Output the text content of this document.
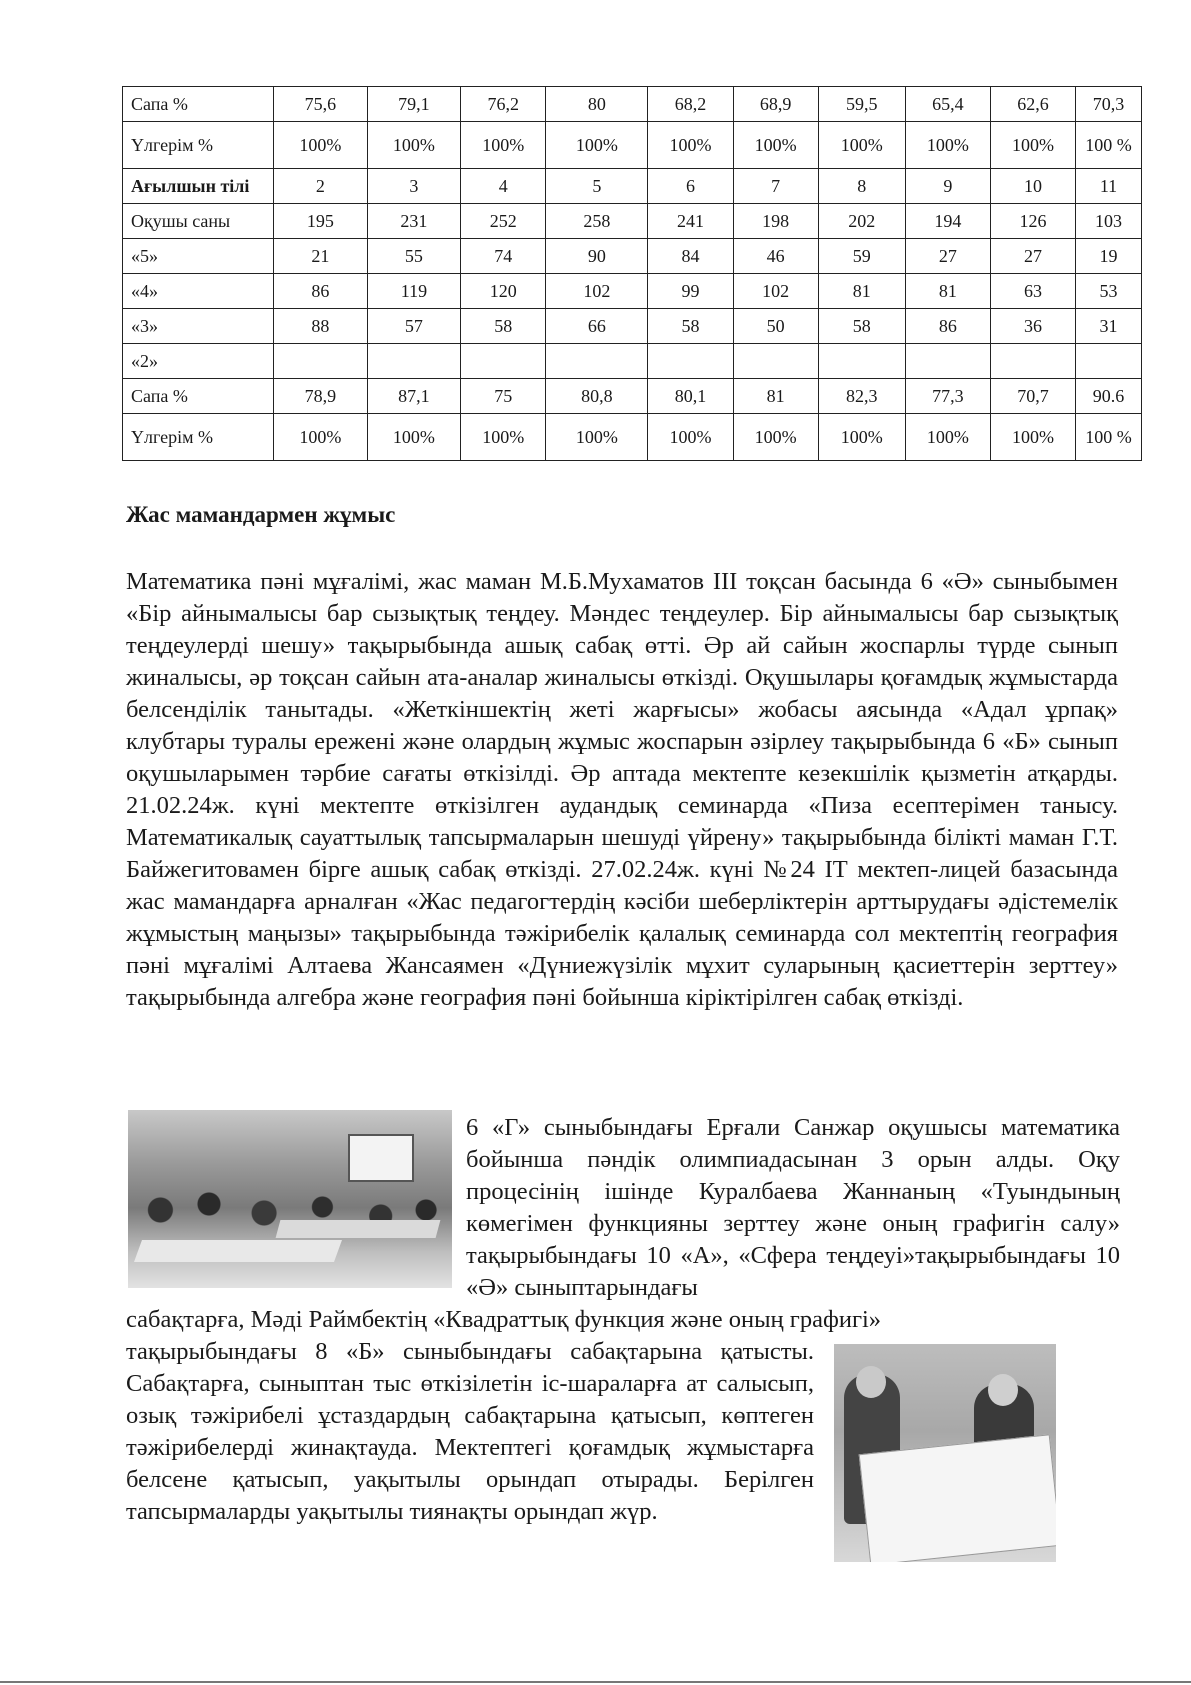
Сапа %	75,6	79,1	76,2	80	68,2	68,9	59,5	65,4	62,6	70,3
Үлгерім %	100%	100%	100%	100%	100%	100%	100%	100%	100%	100 %
Ағылшын тілі	2	3	4	5	6	7	8	9	10	11
Оқушы саны	195	231	252	258	241	198	202	194	126	103
«5»	21	55	74	90	84	46	59	27	27	19
«4»	86	119	120	102	99	102	81	81	63	53
«3»	88	57	58	66	58	50	58	86	36	31
«2»										
Сапа %	78,9	87,1	75	80,8	80,1	81	82,3	77,3	70,7	90.6
Үлгерім %	100%	100%	100%	100%	100%	100%	100%	100%	100%	100 %
Жас мамандармен жұмыс

Математика пәні мұғалімі, жас маман М.Б.Мухаматов ІІІ тоқсан басында 6 «Ә» сыныбымен «Бір айнымалысы бар сызықтық теңдеу. Мәндес теңдеулер. Бір айнымалысы бар сызықтық теңдеулерді шешу» тақырыбында ашық сабақ өтті. Әр ай сайын жоспарлы түрде сынып жиналысы, әр тоқсан сайын ата-аналар жиналысы өткізді. Оқушылары қоғамдық жұмыстарда белсенділік танытады. «Жеткіншектің жеті жарғысы» жобасы аясында «Адал ұрпақ» клубтары туралы ережені және олардың жұмыс жоспарын әзірлеу тақырыбында 6 «Б» сынып оқушыларымен тәрбие сағаты өткізілді. Әр аптада мектепте кезекшілік қызметін атқарды. 21.02.24ж. күні мектепте өткізілген аудандық семинарда «Пиза есептерімен танысу. Математикалық сауаттылық тапсырмаларын шешуді үйрену» тақырыбында білікті маман Г.Т. Байжегитовамен бірге ашық сабақ өткізді. 27.02.24ж. күні №24 ІТ мектеп-лицей базасында жас мамандарға арналған «Жас педагогтердің кәсіби шеберліктерін арттырудағы әдістемелік жұмыстың маңызы» тақырыбында тәжірибелік қалалық семинарда сол мектептің география пәні мұғалімі Алтаева Жансаямен «Дүниежүзілік мұхит суларының қасиеттерін зерттеу» тақырыбында алгебра және география пәні бойынша кіріктірілген сабақ өткізді.

6 «Г» сыныбындағы Ерғали Санжар оқушысы математика бойынша пәндік олимпиадасынан 3 орын алды. Оқу процесінің ішінде Куралбаева Жаннаның «Туындының көмегімен функцияны зерттеу және оның графигін салу» тақырыбындағы 10 «А», «Сфера теңдеуі»тақырыбындағы 10 «Ә» сыныптарындағы

сабақтарға, Мәді Раймбектің «Квадраттық функция және оның графигі»

тақырыбындағы 8 «Б» сыныбындағы сабақтарына қатысты. Сабақтарға, сыныптан тыс өткізілетін іс-шараларға ат салысып, озық тәжірибелі ұстаздардың сабақтарына қатысып, көптеген тәжірибелерді жинақтауда. Мектептегі қоғамдық жұмыстарға белсене қатысып, уақытылы орындап отырады. Берілген тапсырмаларды уақытылы тиянақты орындап жүр.
